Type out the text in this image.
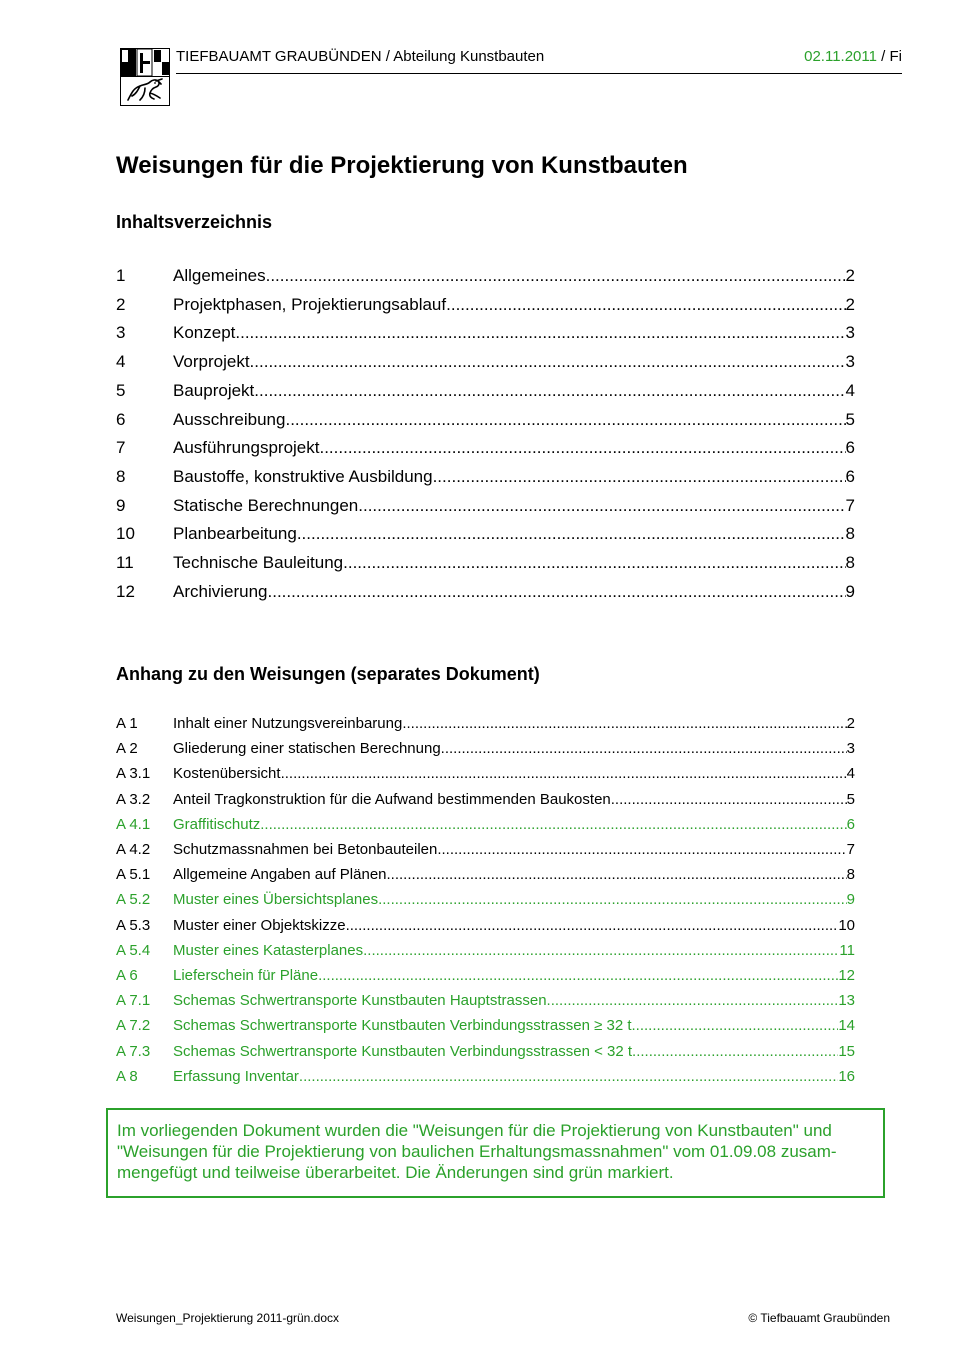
TIEFBAUAMT GRAUBÜNDEN / Abteilung Kunstbauten	02.11.2011 / Fi
Weisungen für die Projektierung von Kunstbauten
Inhaltsverzeichnis
1	Allgemeines .....	2
2	Projektphasen, Projektierungsablauf .....	2
3	Konzept .....	3
4	Vorprojekt .....	3
5	Bauprojekt .....	4
6	Ausschreibung .....	5
7	Ausführungsprojekt .....	6
8	Baustoffe, konstruktive Ausbildung .....	6
9	Statische Berechnungen .....	7
10	Planbearbeitung .....	8
11	Technische Bauleitung .....	8
12	Archivierung .....	9
Anhang zu den Weisungen (separates Dokument)
A 1	Inhalt einer Nutzungsvereinbarung .....	2
A 2	Gliederung einer statischen Berechnung .....	3
A 3.1	Kostenübersicht .....	4
A 3.2	Anteil Tragkonstruktion für die Aufwand bestimmenden Baukosten .....	5
A 4.1	Graffitischutz .....	6
A 4.2	Schutzmassnahmen bei Betonbauteilen .....	7
A 5.1	Allgemeine Angaben auf Plänen .....	8
A 5.2	Muster eines Übersichtsplanes .....	9
A 5.3	Muster einer Objektskizze .....	10
A 5.4	Muster eines Katasterplanes .....	11
A 6	Lieferschein für Pläne .....	12
A 7.1	Schemas Schwertransporte Kunstbauten Hauptstrassen .....	13
A 7.2	Schemas Schwertransporte Kunstbauten Verbindungsstrassen ≥ 32 t .....	14
A 7.3	Schemas Schwertransporte Kunstbauten Verbindungsstrassen < 32 t .....	15
A 8	Erfassung Inventar .....	16
Im vorliegenden Dokument wurden die "Weisungen für die Projektierung von Kunstbauten" und
"Weisungen für die Projektierung von baulichen Erhaltungsmassnahmen" vom 01.09.08 zusam-
mengefügt und teilweise überarbeitet. Die Änderungen sind grün markiert.
Weisungen_Projektierung 2011-grün.docx	© Tiefbauamt Graubünden
